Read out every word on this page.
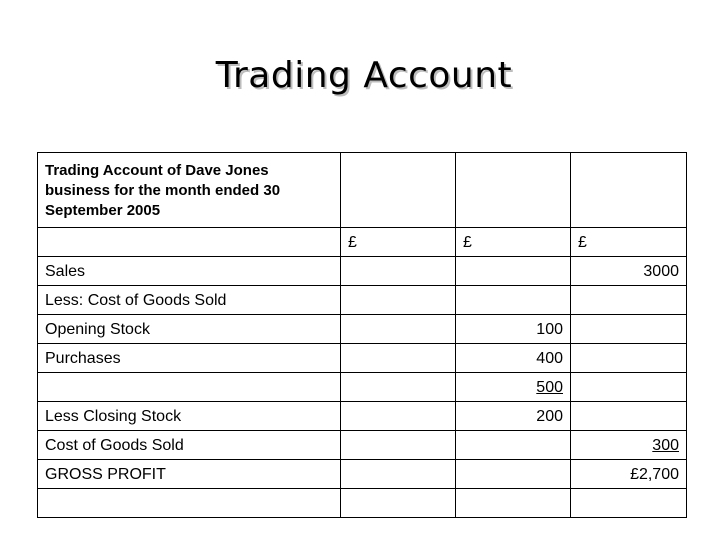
Trading Account
Trading Account of Dave Jones business for the month ended 30 September 2005			
	£	£	£
Sales			3000
Less: Cost of Goods Sold			
Opening Stock		100	
Purchases		400	
		500	
Less Closing Stock		200	
Cost of Goods Sold			300
GROSS PROFIT			£2,700
